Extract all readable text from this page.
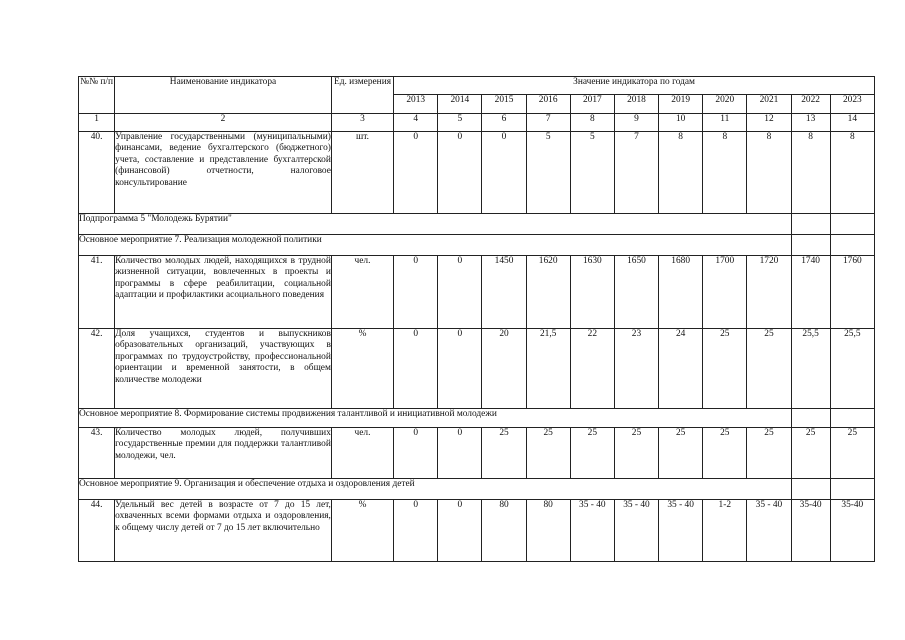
№№ п/п	Наименование индикатора	Ед. измерения	Значение индикатора по годам										
			2013	2014	2015	2016	2017	2018	2019	2020	2021	2022	2023
1	2	3	4	5	6	7	8	9	10	11	12	13	14
40.	Управление государственными (муниципальными) финансами, ведение бухгалтерского (бюджетного) учета, составление и представление бухгалтерской (финансовой) отчетности, налоговое консультирование	шт.	0	0	0	5	5	7	8	8	8	8	8
Подпрограмма 5 "Молодежь Бурятии"													
Основное мероприятие 7. Реализация молодежной политики													
41.	Количество молодых людей, находящихся в трудной жизненной ситуации, вовлеченных в проекты и программы в сфере реабилитации, социальной адаптации и профилактики асоциального поведения	чел.	0	0	1450	1620	1630	1650	1680	1700	1720	1740	1760
42.	Доля учащихся, студентов и выпускников образовательных организаций, участвующих в программах по трудоустройству, профессиональной ориентации и временной занятости, в общем количестве молодежи	%	0	0	20	21,5	22	23	24	25	25	25,5	25,5
Основное мероприятие 8. Формирование системы продвижения талантливой и инициативной молодежи													
43.	Количество молодых людей, получивших государственные премии для поддержки талантливой молодежи, чел.	чел.	0	0	25	25	25	25	25	25	25	25	25
Основное мероприятие 9. Организация и обеспечение отдыха и оздоровления детей													
44.	Удельный вес детей в возрасте от 7 до 15 лет, охваченных всеми формами отдыха и оздоровления, к общему числу детей от 7 до 15 лет включительно	%	0	0	80	80	35 - 40	35 - 40	35 - 40	1-2	35 - 40	35-40	35-40
